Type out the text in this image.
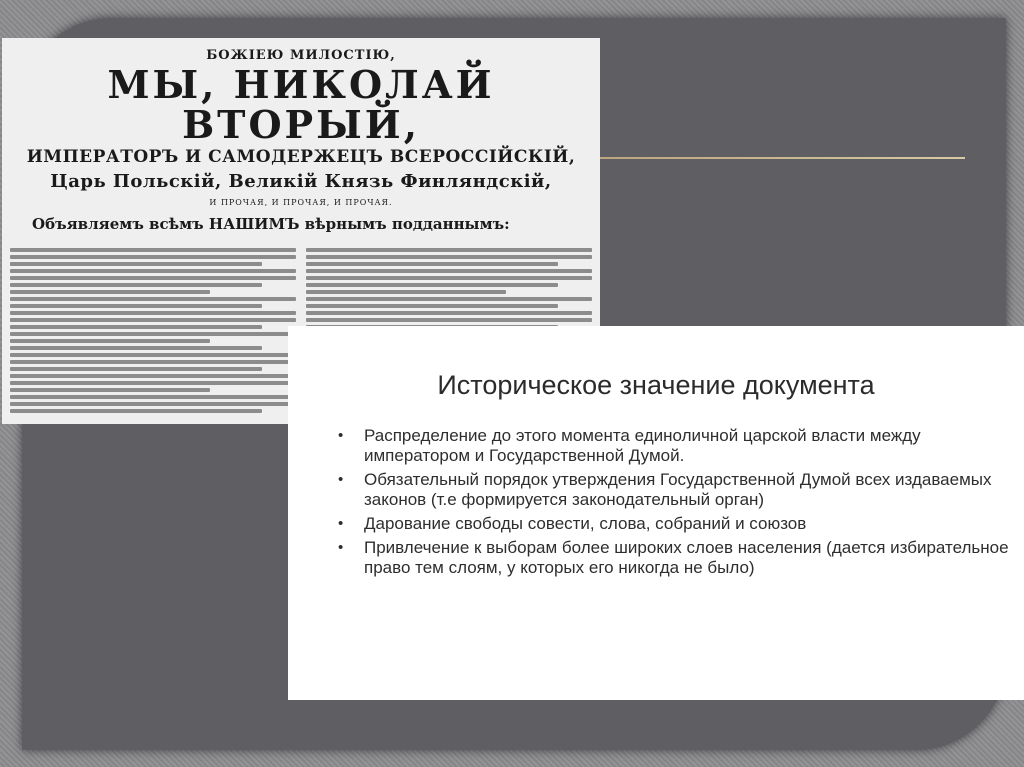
БОЖІЕЮ МИЛОСТІЮ,
МЫ, НИКОЛАЙ ВТОРЫЙ,
ИМПЕРАТОРЪ И САМОДЕРЖЕЦЪ ВСЕРОССІЙСКІЙ,
Царь Польскій, Великій Князь Финляндскій,
И ПРОЧАЯ, И ПРОЧАЯ, И ПРОЧАЯ.
Объявляемъ всѣмъ НАШИМЪ вѣрнымъ подданнымъ:
Историческое значение документа
• Распределение до этого момента единоличной царской власти между императором и Государственной Думой.
• Обязательный порядок утверждения Государственной Думой всех издаваемых законов (т.е формируется законодательный орган)
• Дарование свободы совести, слова, собраний и союзов
• Привлечение к выборам более широких слоев населения (дается избирательное право тем слоям, у которых его никогда не было)
